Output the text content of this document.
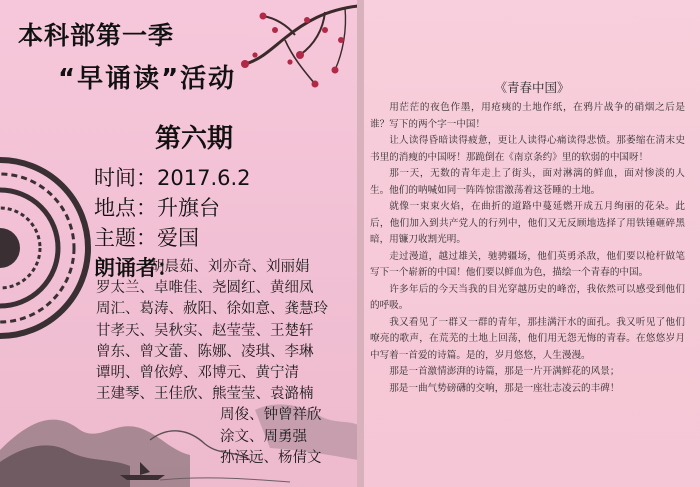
本科部第一季
“早诵读”活动
第六期
时间：2017.6.2
地点：升旗台
主题：爱国
朗诵者：
胡晨茹、刘亦奇、刘丽娟
罗太兰、卓唯佳、尧圆红、黄细凤
周汇、葛涛、赦阳、徐如意、龚慧玲
甘孝天、吴秋实、赵莹莹、王楚轩
曾东、曾文蕾、陈娜、凌琪、李琳
谭明、曾依婷、邓博元、黄宁清
王建琴、王佳欣、熊莹莹、袁潞楠
周俊、钟曾祥欣
涂文、周勇强
孙泽远、杨倩文
《青春中国》

用茫茫的夜色作墨，用疮痍的土地作纸，在鸦片战争的硝烟之后是谁？写下的两个字一中国！

让人读得昏暗读得疲惫，更让人读得心痛读得悲愤。那萎缩在清末史书里的消瘦的中国呀！那跪倒在《南京条约》里的软弱的中国呀！

那一天，无数的青年走上了街头，面对淋漓的鲜血，面对惨淡的人生。他们的呐喊如同一阵阵惊雷激荡着这苍睡的土地。

就像一束束火焰，在曲折的道路中蔓延燃开成五月绚丽的花朵。此后，他们加入到共产党人的行列中，他们又无反顾地选择了用铁锤砸碎黑暗，用镰刀收割光明。

走过漫道，越过雄关，驰骋疆场，他们英勇杀敌，他们要以枪杆做笔写下一个崭新的中国！他们要以鲜血为色，描绘一个青春的中国。

许多年后的今天当我的目光穿越历史的峰峦，我依然可以感受到他们的呼吸。

我又看见了一群又一群的青年，那挂满汗水的面孔。我又听见了他们嘹亮的歌声，在荒芜的土地上回荡，他们用无怨无悔的青春。在悠悠岁月中写着一首爱的诗篇。是的，岁月悠悠，人生漫漫。

那是一首激情澎湃的诗篇，那是一片开满鲜花的风景；

那是一曲气势磅礴的交响，那是一座壮志凌云的丰碑！
